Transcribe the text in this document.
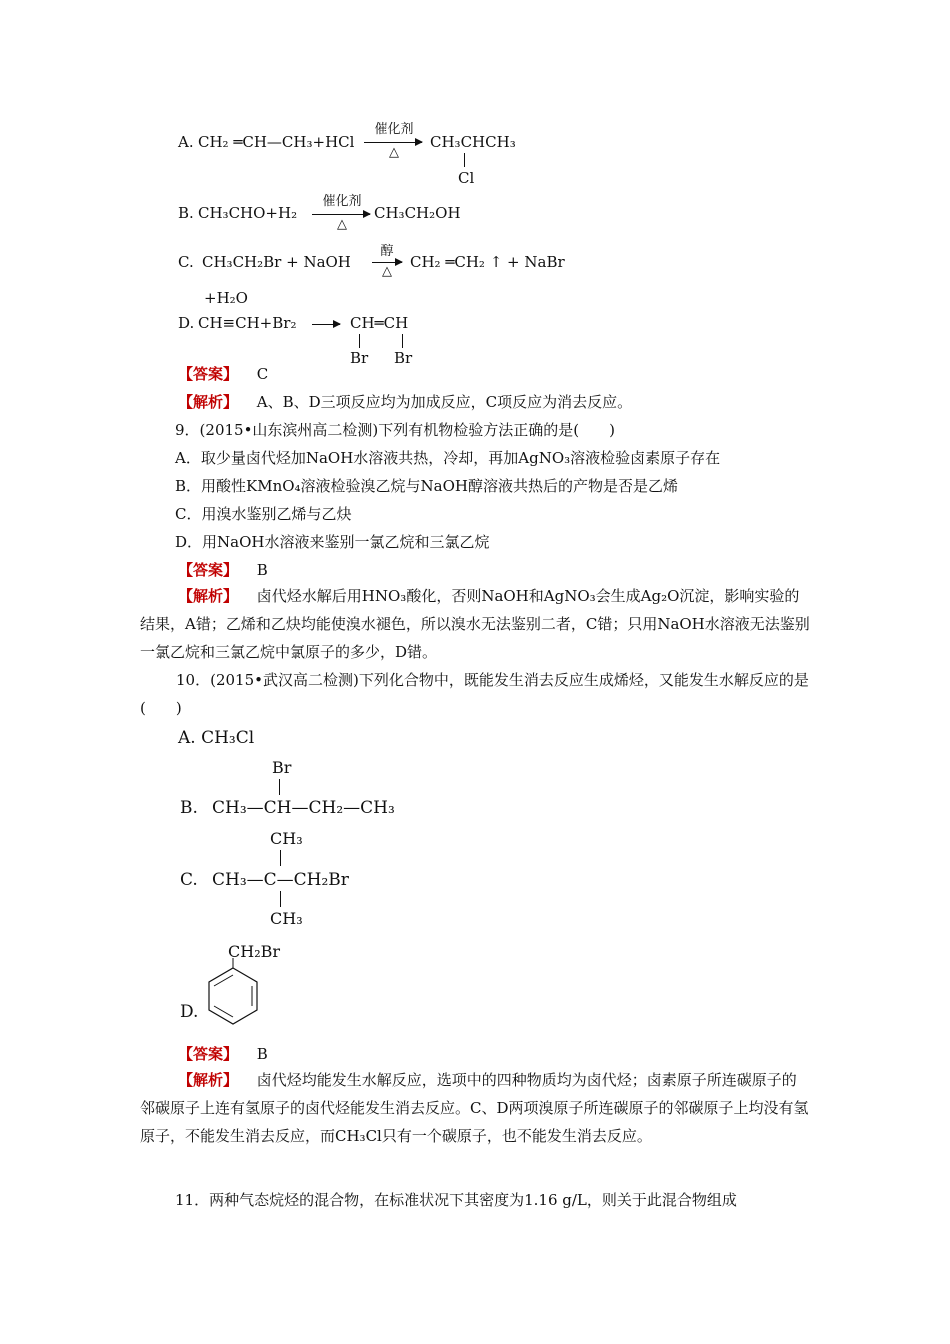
A. CH₂ ═CH—CH₃+HCl
催化剂
△
CH₃CHCH₃
Cl
B. CH₃CHO+H₂
催化剂
△
CH₃CH₂OH
C. CH₃CH₂Br + NaOH
醇
△
CH₂ ═CH₂ ↑ + NaBr
+H₂O
D. CH≡CH+Br₂ → CH═CH
Br Br
【答案】 C
【解析】 A、B、D三项反应均为加成反应，C项反应为消去反应。
9．(2015•山东滨州高二检测)下列有机物检验方法正确的是(　　)
A．取少量卤代烃加NaOH水溶液共热，冷却，再加AgNO₃溶液检验卤素原子存在
B．用酸性KMnO₄溶液检验溴乙烷与NaOH醇溶液共热后的产物是否是乙烯
C．用溴水鉴别乙烯与乙炔
D．用NaOH水溶液来鉴别一氯乙烷和三氯乙烷
【答案】 B
【解析】 卤代烃水解后用HNO₃酸化，否则NaOH和AgNO₃会生成Ag₂O沉淀，影响实验的结果，A错；乙烯和乙炔均能使溴水褪色，所以溴水无法鉴别二者，C错；只用NaOH水溶液无法鉴别一氯乙烷和三氯乙烷中氯原子的多少，D错。
10．(2015•武汉高二检测)下列化合物中，既能发生消去反应生成烯烃，又能发生水解反应的是(　　)
A. CH₃Cl
Br
B. CH₃—CH—CH₂—CH₃
CH₃
C. CH₃—C—CH₂Br
CH₃
CH₂Br
D.
【答案】 B
【解析】 卤代烃均能发生水解反应，选项中的四种物质均为卤代烃；卤素原子所连碳原子的邻碳原子上连有氢原子的卤代烃能发生消去反应。C、D两项溴原子所连碳原子的邻碳原子上均没有氢原子，不能发生消去反应，而CH₃Cl只有一个碳原子，也不能发生消去反应。
11．两种气态烷烃的混合物，在标准状况下其密度为1.16 g/L，则关于此混合物组成
